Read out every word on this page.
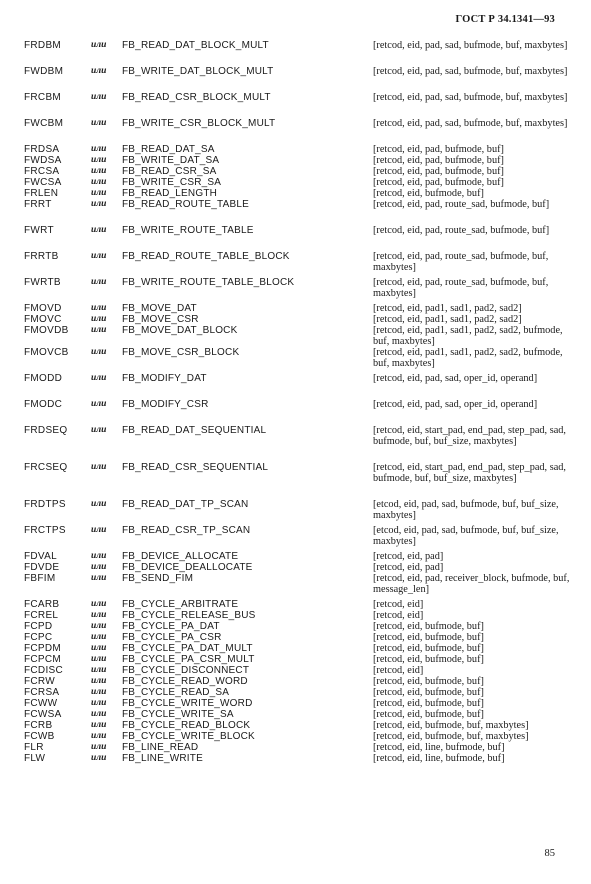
ГОСТ Р 34.1341—93
FRDBM	или	FB_READ_DAT_BLOCK_MULT	[retcod, eid, pad, sad, bufmode, buf, maxbytes]
FWDBM	или	FB_WRITE_DAT_BLOCK_MULT	[retcod, eid, pad, sad, bufmode, buf, maxbytes]
FRCBM	или	FB_READ_CSR_BLOCK_MULT	[retcod, eid, pad, sad, bufmode, buf, maxbytes]
FWCBM	или	FB_WRITE_CSR_BLOCK_MULT	[retcod, eid, pad, sad, bufmode, buf, maxbytes]
FRDSA	или	FB_READ_DAT_SA	[retcod, eid, pad, bufmode, buf]
FWDSA	или	FB_WRITE_DAT_SA	[retcod, eid, pad, bufmode, buf]
FRCSA	или	FB_READ_CSR_SA	[retcod, eid, pad, bufmode, buf]
FWCSA	или	FB_WRITE_CSR_SA	[retcod, eid, pad, bufmode, buf]
FRLEN	или	FB_READ_LENGTH	[retcod, eid, bufmode, buf]
FRRT	или	FB_READ_ROUTE_TABLE	[retcod, eid, pad, route_sad, bufmode, buf]
FWRT	или	FB_WRITE_ROUTE_TABLE	[retcod, eid, pad, route_sad, bufmode, buf]
FRRTB	или	FB_READ_ROUTE_TABLE_BLOCK	[retcod, eid, pad, route_sad, bufmode, buf, maxbytes]
FWRTB	или	FB_WRITE_ROUTE_TABLE_BLOCK	[retcod, eid, pad, route_sad, bufmode, buf, maxbytes]
FMOVD	или	FB_MOVE_DAT	[retcod, eid, pad1, sad1, pad2, sad2]
FMOVC	или	FB_MOVE_CSR	[retcod, eid, pad1, sad1, pad2, sad2]
FMOVDB	или	FB_MOVE_DAT_BLOCK	[retcod, eid, pad1, sad1, pad2, sad2, bufmode, buf, maxbytes]
FMOVCB	или	FB_MOVE_CSR_BLOCK	[retcod, eid, pad1, sad1, pad2, sad2, bufmode, buf, maxbytes]
FMODD	или	FB_MODIFY_DAT	[retcod, eid, pad, sad, oper_id, operand]
FMODC	или	FB_MODIFY_CSR	[retcod, eid, pad, sad, oper_id, operand]
FRDSEQ	или	FB_READ_DAT_SEQUENTIAL	[retcod, eid, start_pad, end_pad, step_pad, sad, bufmode, buf, buf_size, maxbytes]
FRCSEQ	или	FB_READ_CSR_SEQUENTIAL	[retcod, eid, start_pad, end_pad, step_pad, sad, bufmode, buf, buf_size, maxbytes]
FRDTPS	или	FB_READ_DAT_TP_SCAN	[etcod, eid, pad, sad, bufmode, buf, buf_size, maxbytes]
FRCTPS	или	FB_READ_CSR_TP_SCAN	[etcod, eid, pad, sad, bufmode, buf, buf_size, maxbytes]
FDVAL	или	FB_DEVICE_ALLOCATE	[retcod, eid, pad]
FDVDE	или	FB_DEVICE_DEALLOCATE	[retcod, eid, pad]
FBFIM	или	FB_SEND_FIM	[retcod, eid, pad, receiver_block, bufmode, buf, message_len]
FCARB	или	FB_CYCLE_ARBITRATE	[retcod, eid]
FCREL	или	FB_CYCLE_RELEASE_BUS	[retcod, eid]
FCPD	или	FB_CYCLE_PA_DAT	[retcod, eid, bufmode, buf]
FCPC	или	FB_CYCLE_PA_CSR	[retcod, eid, bufmode, buf]
FCPDM	или	FB_CYCLE_PA_DAT_MULT	[retcod, eid, bufmode, buf]
FCPCM	или	FB_CYCLE_PA_CSR_MULT	[retcod, eid, bufmode, buf]
FCDISC	или	FB_CYCLE_DISCONNECT	[retcod, eid]
FCRW	или	FB_CYCLE_READ_WORD	[retcod, eid, bufmode, buf]
FCRSA	или	FB_CYCLE_READ_SA	[retcod, eid, bufmode, buf]
FCWW	или	FB_CYCLE_WRITE_WORD	[retcod, eid, bufmode, buf]
FCWSA	или	FB_CYCLE_WRITE_SA	[retcod, eid, bufmode, buf]
FCRB	или	FB_CYCLE_READ_BLOCK	[retcod, eid, bufmode, buf, maxbytes]
FCWB	или	FB_CYCLE_WRITE_BLOCK	[retcod, eid, bufmode, buf, maxbytes]
FLR	или	FB_LINE_READ	[retcod, eid, line, bufmode, buf]
FLW	или	FB_LINE_WRITE	[retcod, eid, line, bufmode, buf]
85
